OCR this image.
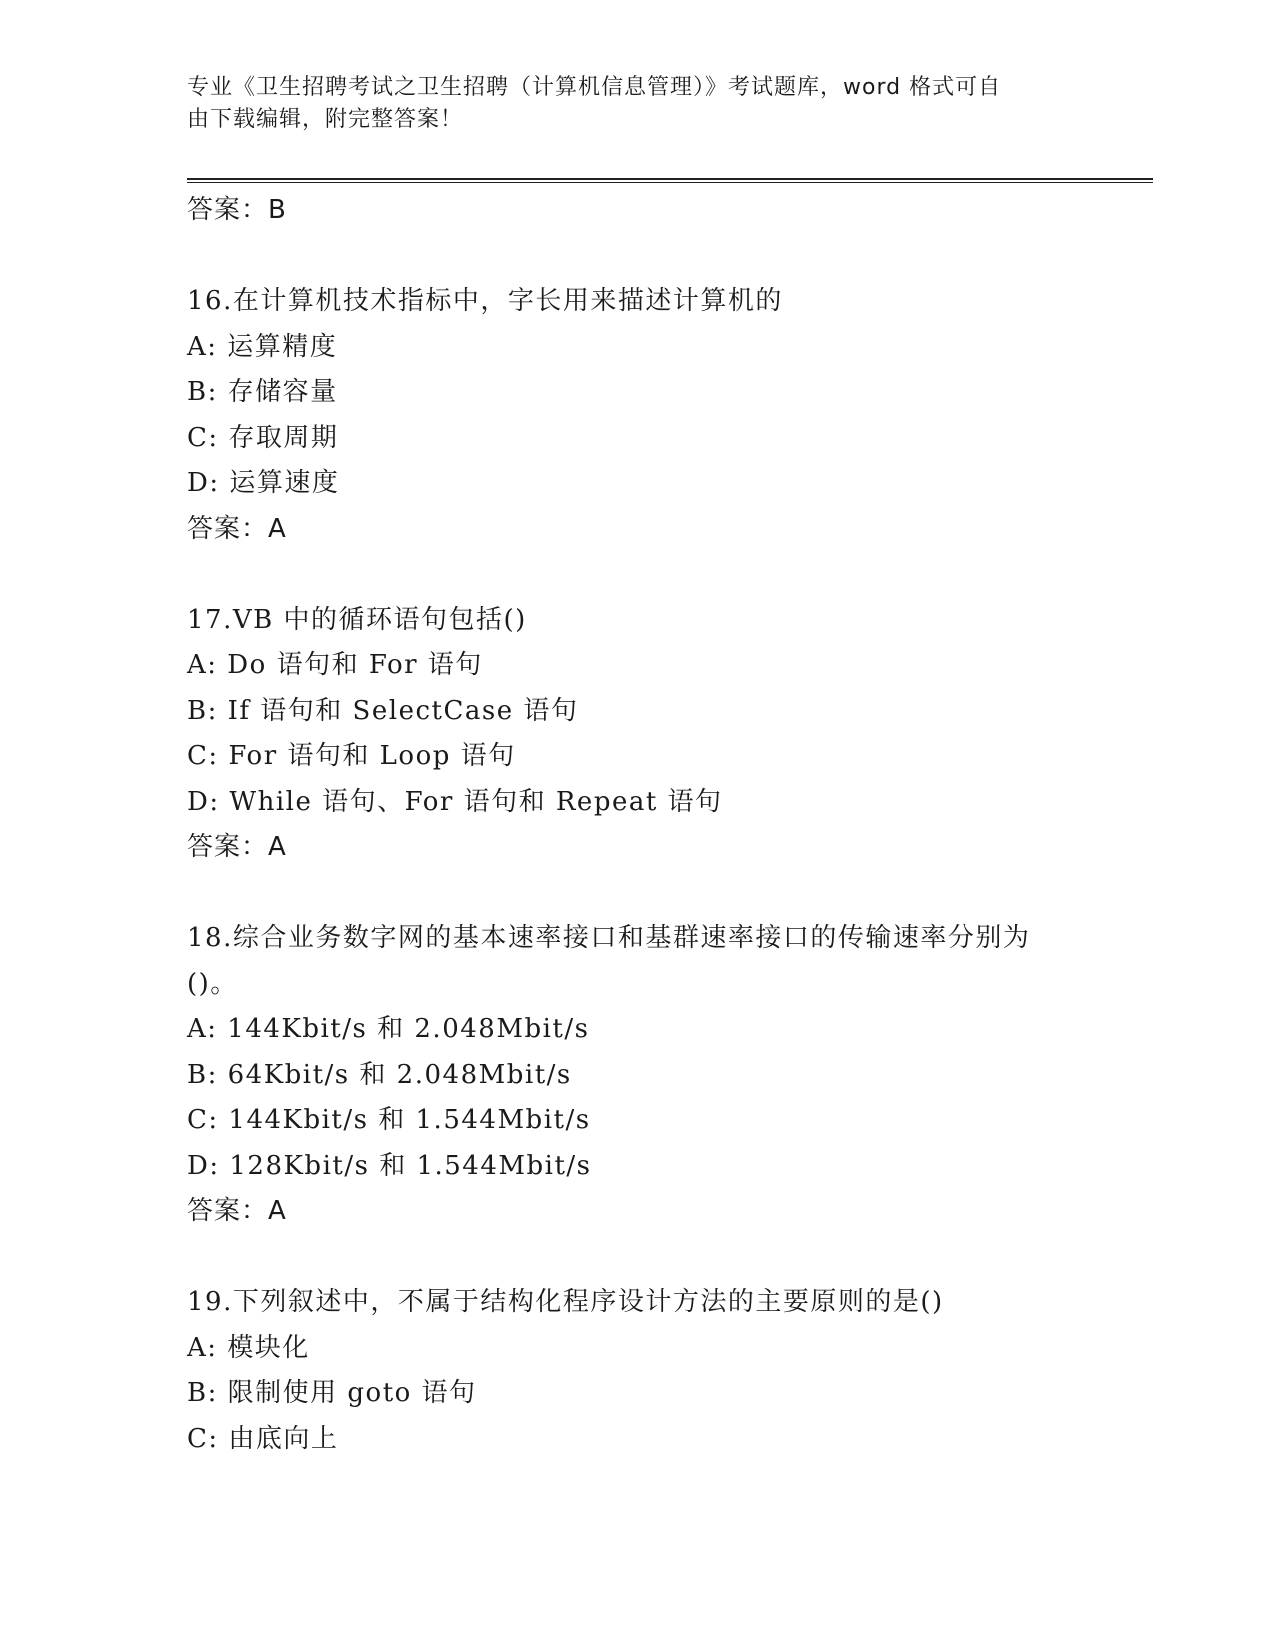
专业《卫生招聘考试之卫生招聘（计算机信息管理）》考试题库，word 格式可自
由下载编辑，附完整答案！
答案：B
16.在计算机技术指标中，字长用来描述计算机的
A: 运算精度
B: 存储容量
C: 存取周期
D: 运算速度
答案：A
17.VB 中的循环语句包括()
A: Do 语句和 For 语句
B: If 语句和 SelectCase 语句
C: For 语句和 Loop 语句
D: While 语句、For 语句和 Repeat 语句
答案：A
18.综合业务数字网的基本速率接口和基群速率接口的传输速率分别为
()。
A: 144Kbit/s 和 2.048Mbit/s
B: 64Kbit/s 和 2.048Mbit/s
C: 144Kbit/s 和 1.544Mbit/s
D: 128Kbit/s 和 1.544Mbit/s
答案：A
19.下列叙述中，不属于结构化程序设计方法的主要原则的是()
A: 模块化
B: 限制使用 goto 语句
C: 由底向上
